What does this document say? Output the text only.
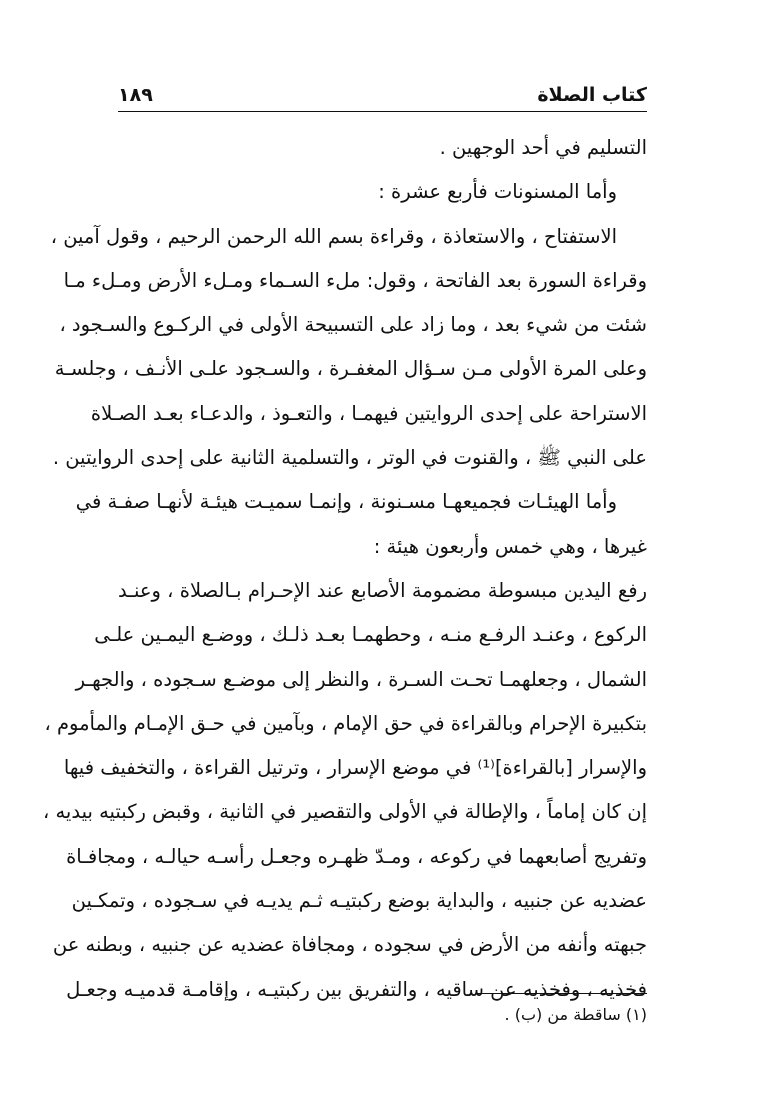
كتاب الصلاة
١٨٩
التسليم في أحد الوجهين .
وأما المسنونات فأربع عشرة :
الاستفتاح ، والاستعاذة ، وقراءة بسم الله الرحمن الرحيم ، وقول آمين ،
وقراءة السورة بعد الفاتحة ، وقول: ملء السـماء ومـلء الأرض ومـلء مـا
شئت من شيء بعد ، وما زاد على التسبيحة الأولى في الركـوع والسـجود ،
وعلى المرة الأولى مـن سـؤال المغفـرة ، والسـجود علـى الأنـف ، وجلسـة
الاستراحة على إحدى الروايتين فيهمـا ، والتعـوذ ، والدعـاء بعـد الصـلاة
على النبي ﷺ ، والقنوت في الوتر ، والتسلمية الثانية على إحدى الروايتين .
وأما الهيئـات فجميعهـا مسـنونة ، وإنمـا سميـت هيئـة لأنهـا صفـة في
غيرها ، وهي خمس وأربعون هيئة :
رفع اليدين مبسوطة مضمومة الأصابع عند الإحـرام بـالصلاة ، وعنـد
الركوع ، وعنـد الرفـع منـه ، وحطهمـا بعـد ذلـك ، ووضـع اليمـين علـى
الشمال ، وجعلهمـا تحـت السـرة ، والنظر إلى موضـع سـجوده ، والجهـر
بتكبيرة الإحرام وبالقراءة في حق الإمام ، وبآمين في حـق الإمـام والمأموم ،
والإسرار [بالقراءة]⁽¹⁾ في موضع الإسرار ، وترتيل القراءة ، والتخفيف فيها
إن كان إماماً ، والإطالة في الأولى والتقصير في الثانية ، وقبض ركبتيه بيديه ،
وتفريج أصابعهما في ركوعه ، ومـدّ ظهـره وجعـل رأسـه حيالـه ، ومجافـاة
عضديه عن جنبيه ، والبداية بوضع ركبتيـه ثـم يديـه في سـجوده ، وتمكـين
جبهته وأنفه من الأرض في سجوده ، ومجافاة عضديه عن جنبيه ، وبطنه عن
فخذيه ، وفخذيه عن ساقيه ، والتفريق بين ركبتيـه ، وإقامـة قدميـه وجعـل
(١) ساقطة من (ب) .
